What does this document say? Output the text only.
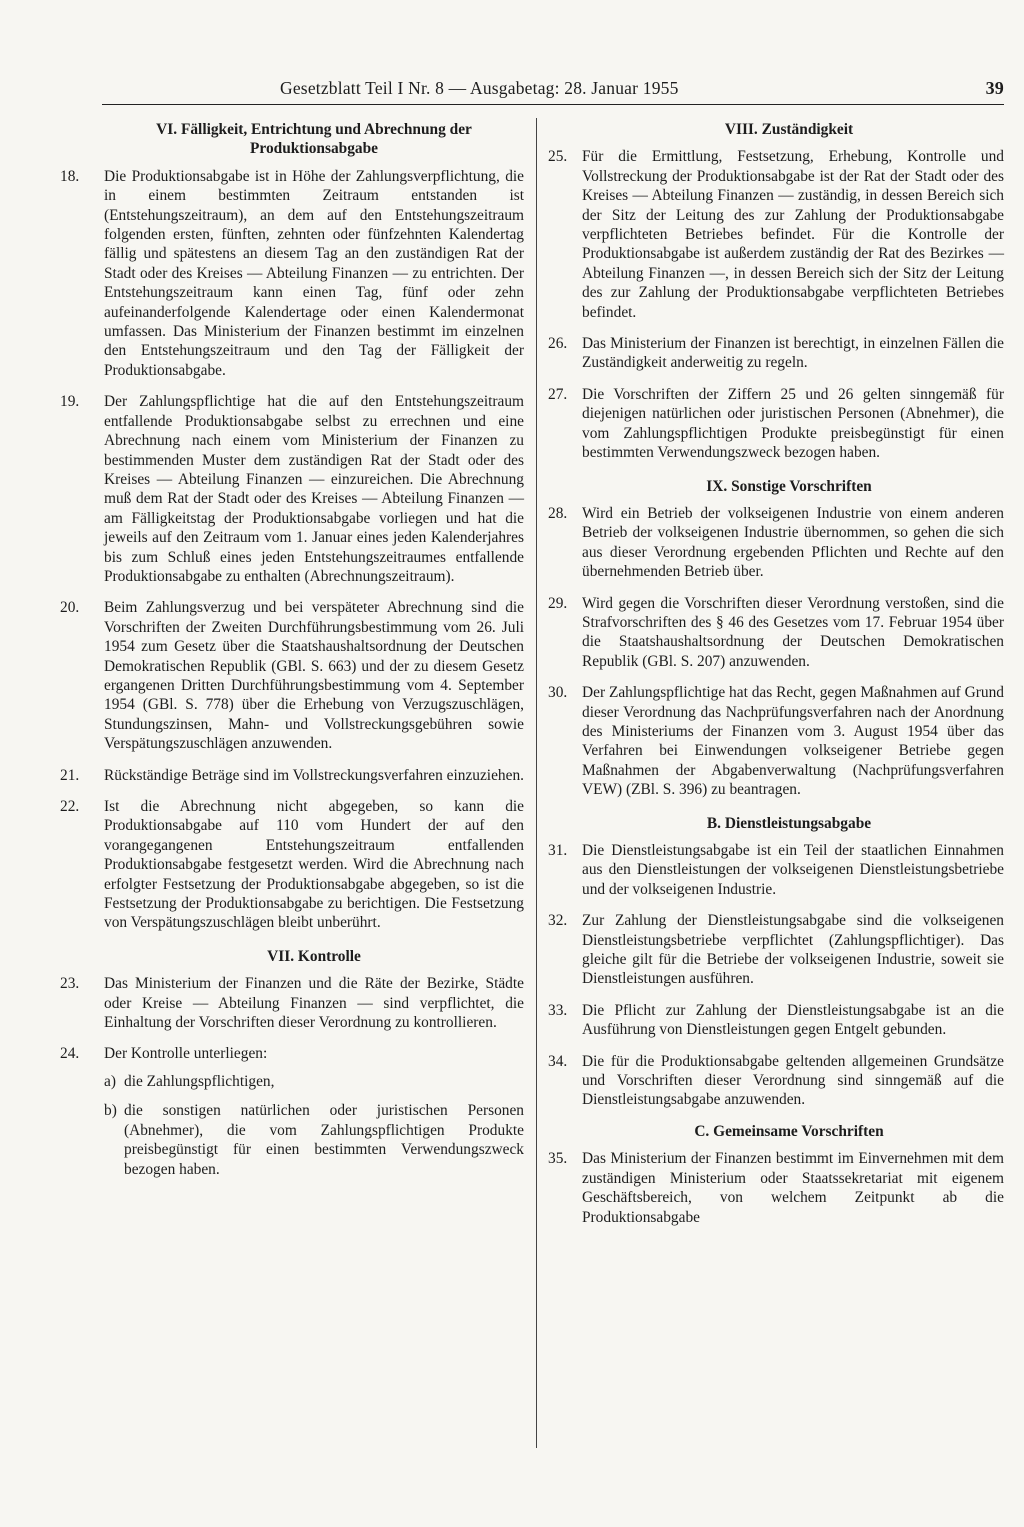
Gesetzblatt Teil I Nr. 8 — Ausgabetag: 28. Januar 1955	39
VI. Fälligkeit, Entrichtung und Abrechnung der Produktionsabgabe
18.	Die Produktionsabgabe ist in Höhe der Zahlungsverpflichtung, die in einem bestimmten Zeitraum entstanden ist (Entstehungszeitraum), an dem auf den Entstehungszeitraum folgenden ersten, fünften, zehnten oder fünfzehnten Kalendertag fällig und spätestens an diesem Tag an den zuständigen Rat der Stadt oder des Kreises — Abteilung Finanzen — zu entrichten. Der Entstehungszeitraum kann einen Tag, fünf oder zehn aufeinanderfolgende Kalendertage oder einen Kalendermonat umfassen. Das Ministerium der Finanzen bestimmt im einzelnen den Entstehungszeitraum und den Tag der Fälligkeit der Produktionsabgabe.
19.	Der Zahlungspflichtige hat die auf den Entstehungszeitraum entfallende Produktionsabgabe selbst zu errechnen und eine Abrechnung nach einem vom Ministerium der Finanzen zu bestimmenden Muster dem zuständigen Rat der Stadt oder des Kreises — Abteilung Finanzen — einzureichen. Die Abrechnung muß dem Rat der Stadt oder des Kreises — Abteilung Finanzen — am Fälligkeitstag der Produktionsabgabe vorliegen und hat die jeweils auf den Zeitraum vom 1. Januar eines jeden Kalenderjahres bis zum Schluß eines jeden Entstehungszeitraumes entfallende Produktionsabgabe zu enthalten (Abrechnungszeitraum).
20.	Beim Zahlungsverzug und bei verspäteter Abrechnung sind die Vorschriften der Zweiten Durchführungsbestimmung vom 26. Juli 1954 zum Gesetz über die Staatshaushaltsordnung der Deutschen Demokratischen Republik (GBl. S. 663) und der zu diesem Gesetz ergangenen Dritten Durchführungsbestimmung vom 4. September 1954 (GBl. S. 778) über die Erhebung von Verzugszuschlägen, Stundungszinsen, Mahn- und Vollstreckungsgebühren sowie Verspätungszuschlägen anzuwenden.
21.	Rückständige Beträge sind im Vollstreckungsverfahren einzuziehen.
22.	Ist die Abrechnung nicht abgegeben, so kann die Produktionsabgabe auf 110 vom Hundert der auf den vorangegangenen Entstehungszeitraum entfallenden Produktionsabgabe festgesetzt werden. Wird die Abrechnung nach erfolgter Festsetzung der Produktionsabgabe abgegeben, so ist die Festsetzung der Produktionsabgabe zu berichtigen. Die Festsetzung von Verspätungszuschlägen bleibt unberührt.
VII. Kontrolle
23.	Das Ministerium der Finanzen und die Räte der Bezirke, Städte oder Kreise — Abteilung Finanzen — sind verpflichtet, die Einhaltung der Vorschriften dieser Verordnung zu kontrollieren.
24.	Der Kontrolle unterliegen:
a) die Zahlungspflichtigen,
b) die sonstigen natürlichen oder juristischen Personen (Abnehmer), die vom Zahlungspflichtigen Produkte preisbegünstigt für einen bestimmten Verwendungszweck bezogen haben.
VIII. Zuständigkeit
25. Für die Ermittlung, Festsetzung, Erhebung, Kontrolle und Vollstreckung der Produktionsabgabe ist der Rat der Stadt oder des Kreises — Abteilung Finanzen — zuständig, in dessen Bereich sich der Sitz der Leitung des zur Zahlung der Produktionsabgabe verpflichteten Betriebes befindet. Für die Kontrolle der Produktionsabgabe ist außerdem zuständig der Rat des Bezirkes — Abteilung Finanzen —, in dessen Bereich sich der Sitz der Leitung des zur Zahlung der Produktionsabgabe verpflichteten Betriebes befindet.
26. Das Ministerium der Finanzen ist berechtigt, in einzelnen Fällen die Zuständigkeit anderweitig zu regeln.
27. Die Vorschriften der Ziffern 25 und 26 gelten sinngemäß für diejenigen natürlichen oder juristischen Personen (Abnehmer), die vom Zahlungspflichtigen Produkte preisbegünstigt für einen bestimmten Verwendungszweck bezogen haben.
IX. Sonstige Vorschriften
28. Wird ein Betrieb der volkseigenen Industrie von einem anderen Betrieb der volkseigenen Industrie übernommen, so gehen die sich aus dieser Verordnung ergebenden Pflichten und Rechte auf den übernehmenden Betrieb über.
29. Wird gegen die Vorschriften dieser Verordnung verstoßen, sind die Strafvorschriften des § 46 des Gesetzes vom 17. Februar 1954 über die Staatshaushaltsordnung der Deutschen Demokratischen Republik (GBl. S. 207) anzuwenden.
30. Der Zahlungspflichtige hat das Recht, gegen Maßnahmen auf Grund dieser Verordnung das Nachprüfungsverfahren nach der Anordnung des Ministeriums der Finanzen vom 3. August 1954 über das Verfahren bei Einwendungen volkseigener Betriebe gegen Maßnahmen der Abgabenverwaltung (Nachprüfungsverfahren VEW) (ZBl. S. 396) zu beantragen.
B. Dienstleistungsabgabe
31. Die Dienstleistungsabgabe ist ein Teil der staatlichen Einnahmen aus den Dienstleistungen der volkseigenen Dienstleistungsbetriebe und der volkseigenen Industrie.
32. Zur Zahlung der Dienstleistungsabgabe sind die volkseigenen Dienstleistungsbetriebe verpflichtet (Zahlungspflichtiger). Das gleiche gilt für die Betriebe der volkseigenen Industrie, soweit sie Dienstleistungen ausführen.
33. Die Pflicht zur Zahlung der Dienstleistungsabgabe ist an die Ausführung von Dienstleistungen gegen Entgelt gebunden.
34. Die für die Produktionsabgabe geltenden allgemeinen Grundsätze und Vorschriften dieser Verordnung sind sinngemäß auf die Dienstleistungsabgabe anzuwenden.
C. Gemeinsame Vorschriften
35. Das Ministerium der Finanzen bestimmt im Einvernehmen mit dem zuständigen Ministerium oder Staatssekretariat mit eigenem Geschäftsbereich, von welchem Zeitpunkt ab die Produktionsabgabe
